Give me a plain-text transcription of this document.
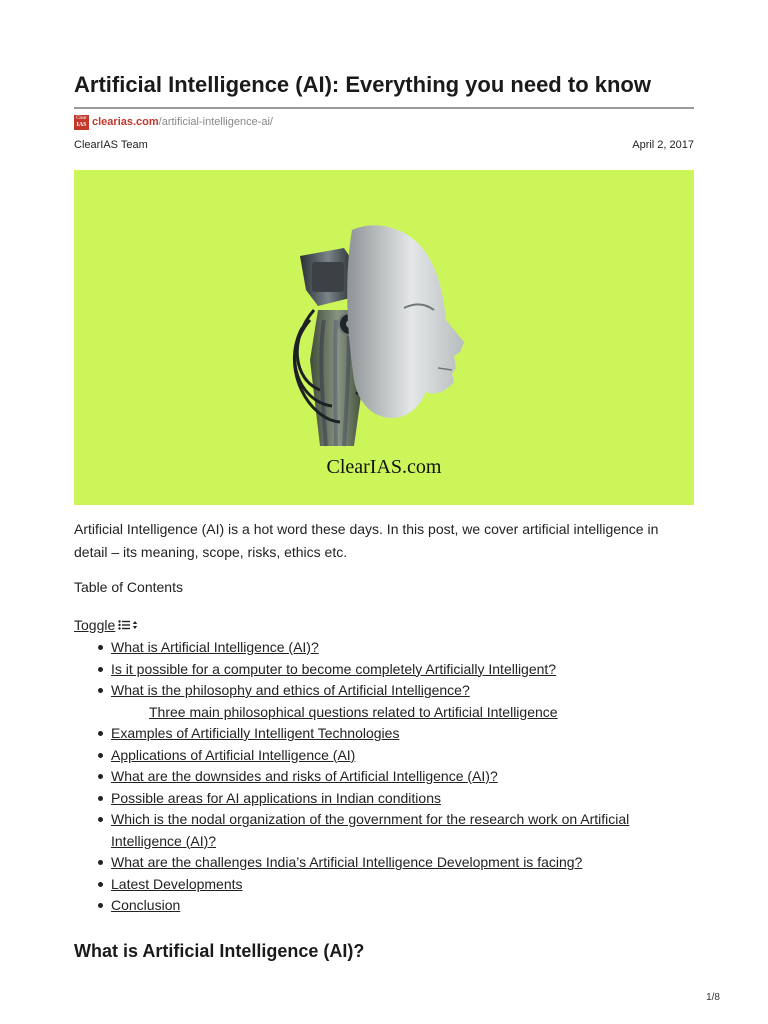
Artificial Intelligence (AI): Everything you need to know
Clear
IAS clearias.com /artificial-intelligence-ai/
ClearIAS Team	April 2, 2017
ClearIAS.com

Artificial Intelligence (AI) is a hot word these days. In this post, we cover artificial intelligence in detail – its meaning, scope, risks, ethics etc.

Table of Contents
Toggle
What is Artificial Intelligence (AI)?
Is it possible for a computer to become completely Artificially Intelligent?
What is the philosophy and ethics of Artificial Intelligence?
Three main philosophical questions related to Artificial Intelligence
Examples of Artificially Intelligent Technologies
Applications of Artificial Intelligence (AI)
What are the downsides and risks of Artificial Intelligence (AI)?
Possible areas for AI applications in Indian conditions
Which is the nodal organization of the government for the research work on Artificial Intelligence (AI)?
What are the challenges India’s Artificial Intelligence Development is facing?
Latest Developments
Conclusion
What is Artificial Intelligence (AI)?
1/8
